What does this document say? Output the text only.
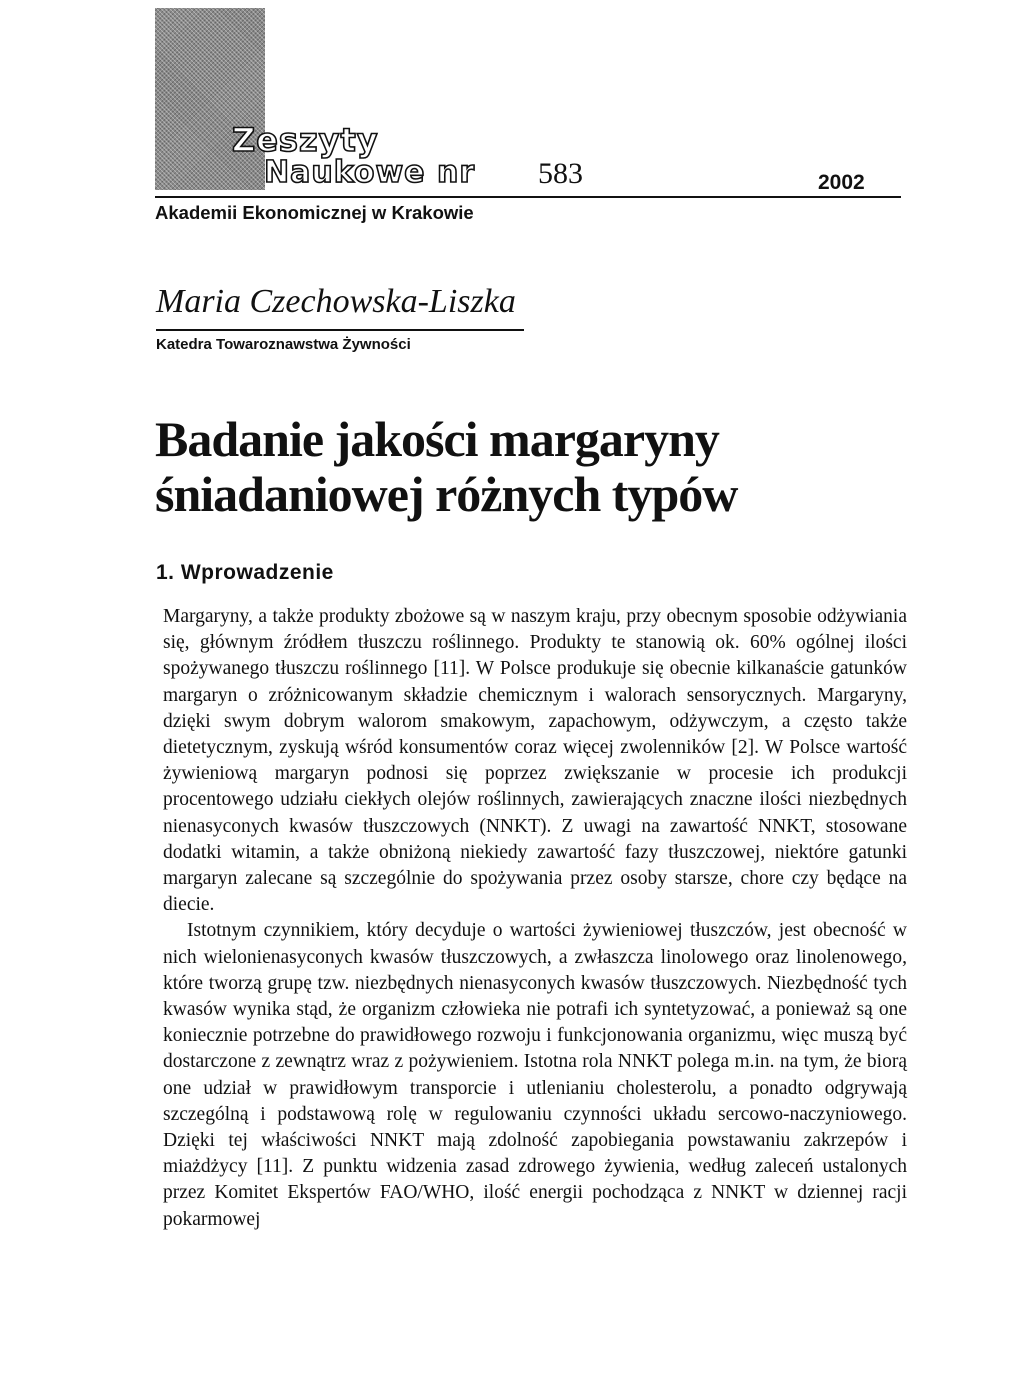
Zeszyty
Naukowe nr 583	2002
Akademii Ekonomicznej w Krakowie
Maria Czechowska-Liszka
Katedra Towaroznawstwa Żywności
Badanie jakości margaryny
śniadaniowej różnych typów
1. Wprowadzenie

Margaryny, a także produkty zbożowe są w naszym kraju, przy obecnym sposobie odżywiania się, głównym źródłem tłuszczu roślinnego. Produkty te stanowią ok. 60% ogólnej ilości spożywanego tłuszczu roślinnego [11]. W Polsce produkuje się obecnie kilkanaście gatunków margaryn o zróżnicowanym składzie chemicznym i walorach sensorycznych. Margaryny, dzięki swym dobrym walorom smakowym, zapachowym, odżywczym, a często także dietetycznym, zyskują wśród konsumentów coraz więcej zwolenników [2]. W Polsce wartość żywieniową margaryn podnosi się poprzez zwiększanie w procesie ich produkcji procentowego udziału ciekłych olejów roślinnych, zawierających znaczne ilości niezbędnych nienasyconych kwasów tłuszczowych (NNKT). Z uwagi na zawartość NNKT, stosowane dodatki witamin, a także obniżoną niekiedy zawartość fazy tłuszczowej, niektóre gatunki margaryn zalecane są szczególnie do spożywania przez osoby starsze, chore czy będące na diecie.

Istotnym czynnikiem, który decyduje o wartości żywieniowej tłuszczów, jest obecność w nich wielonienasyconych kwasów tłuszczowych, a zwłaszcza linolowego oraz linolenowego, które tworzą grupę tzw. niezbędnych nienasyconych kwasów tłuszczowych. Niezbędność tych kwasów wynika stąd, że organizm człowieka nie potrafi ich syntetyzować, a ponieważ są one koniecznie potrzebne do prawidłowego rozwoju i funkcjonowania organizmu, więc muszą być dostarczone z zewnątrz wraz z pożywieniem. Istotna rola NNKT polega m.in. na tym, że biorą one udział w prawidłowym transporcie i utlenianiu cholesterolu, a ponadto odgrywają szczególną i podstawową rolę w regulowaniu czynności układu sercowo-naczyniowego. Dzięki tej właściwości NNKT mają zdolność zapobiegania powstawaniu zakrzepów i miażdżycy [11]. Z punktu widzenia zasad zdrowego żywienia, według zaleceń ustalonych przez Komitet Ekspertów FAO/WHO, ilość energii pochodząca z NNKT w dziennej racji pokarmowej
